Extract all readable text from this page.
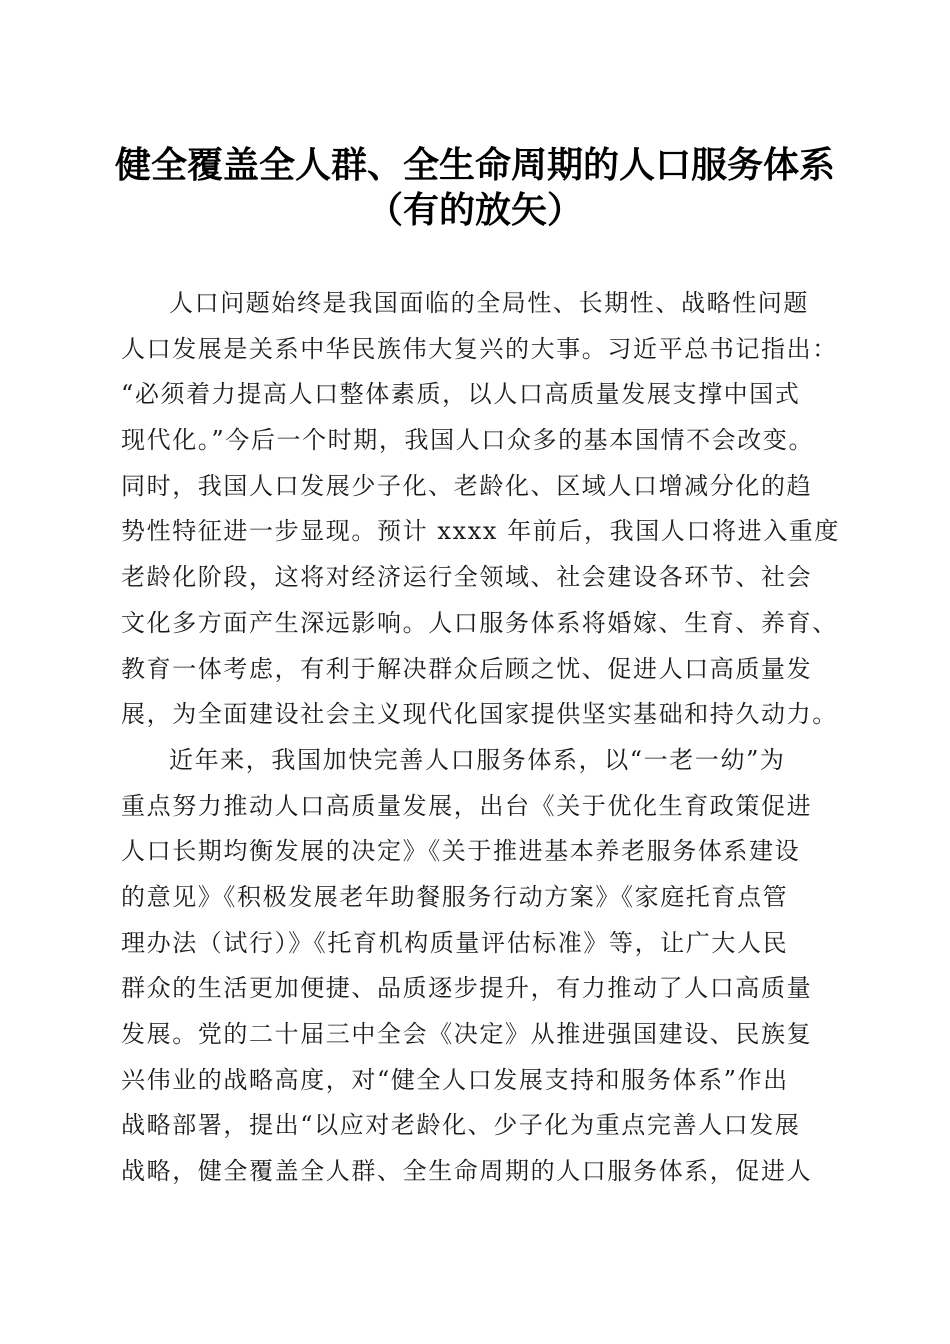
健全覆盖全人群、全生命周期的人口服务体系
（有的放矢）
人口问题始终是我国面临的全局性、长期性、战略性问题
人口发展是关系中华民族伟大复兴的大事。习近平总书记指出：
“必须着力提高人口整体素质，以人口高质量发展支撑中国式
现代化。”今后一个时期，我国人口众多的基本国情不会改变。
同时，我国人口发展少子化、老龄化、区域人口增减分化的趋
势性特征进一步显现。预计 xxxx 年前后，我国人口将进入重度
老龄化阶段，这将对经济运行全领域、社会建设各环节、社会
文化多方面产生深远影响。人口服务体系将婚嫁、生育、养育、
教育一体考虑，有利于解决群众后顾之忧、促进人口高质量发
展，为全面建设社会主义现代化国家提供坚实基础和持久动力。
近年来，我国加快完善人口服务体系，以“一老一幼”为
重点努力推动人口高质量发展，出台《关于优化生育政策促进
人口长期均衡发展的决定》《关于推进基本养老服务体系建设
的意见》《积极发展老年助餐服务行动方案》《家庭托育点管
理办法（试行）》《托育机构质量评估标准》等，让广大人民
群众的生活更加便捷、品质逐步提升，有力推动了人口高质量
发展。党的二十届三中全会《决定》从推进强国建设、民族复
兴伟业的战略高度，对“健全人口发展支持和服务体系”作出
战略部署，提出“以应对老龄化、少子化为重点完善人口发展
战略，健全覆盖全人群、全生命周期的人口服务体系，促进人
